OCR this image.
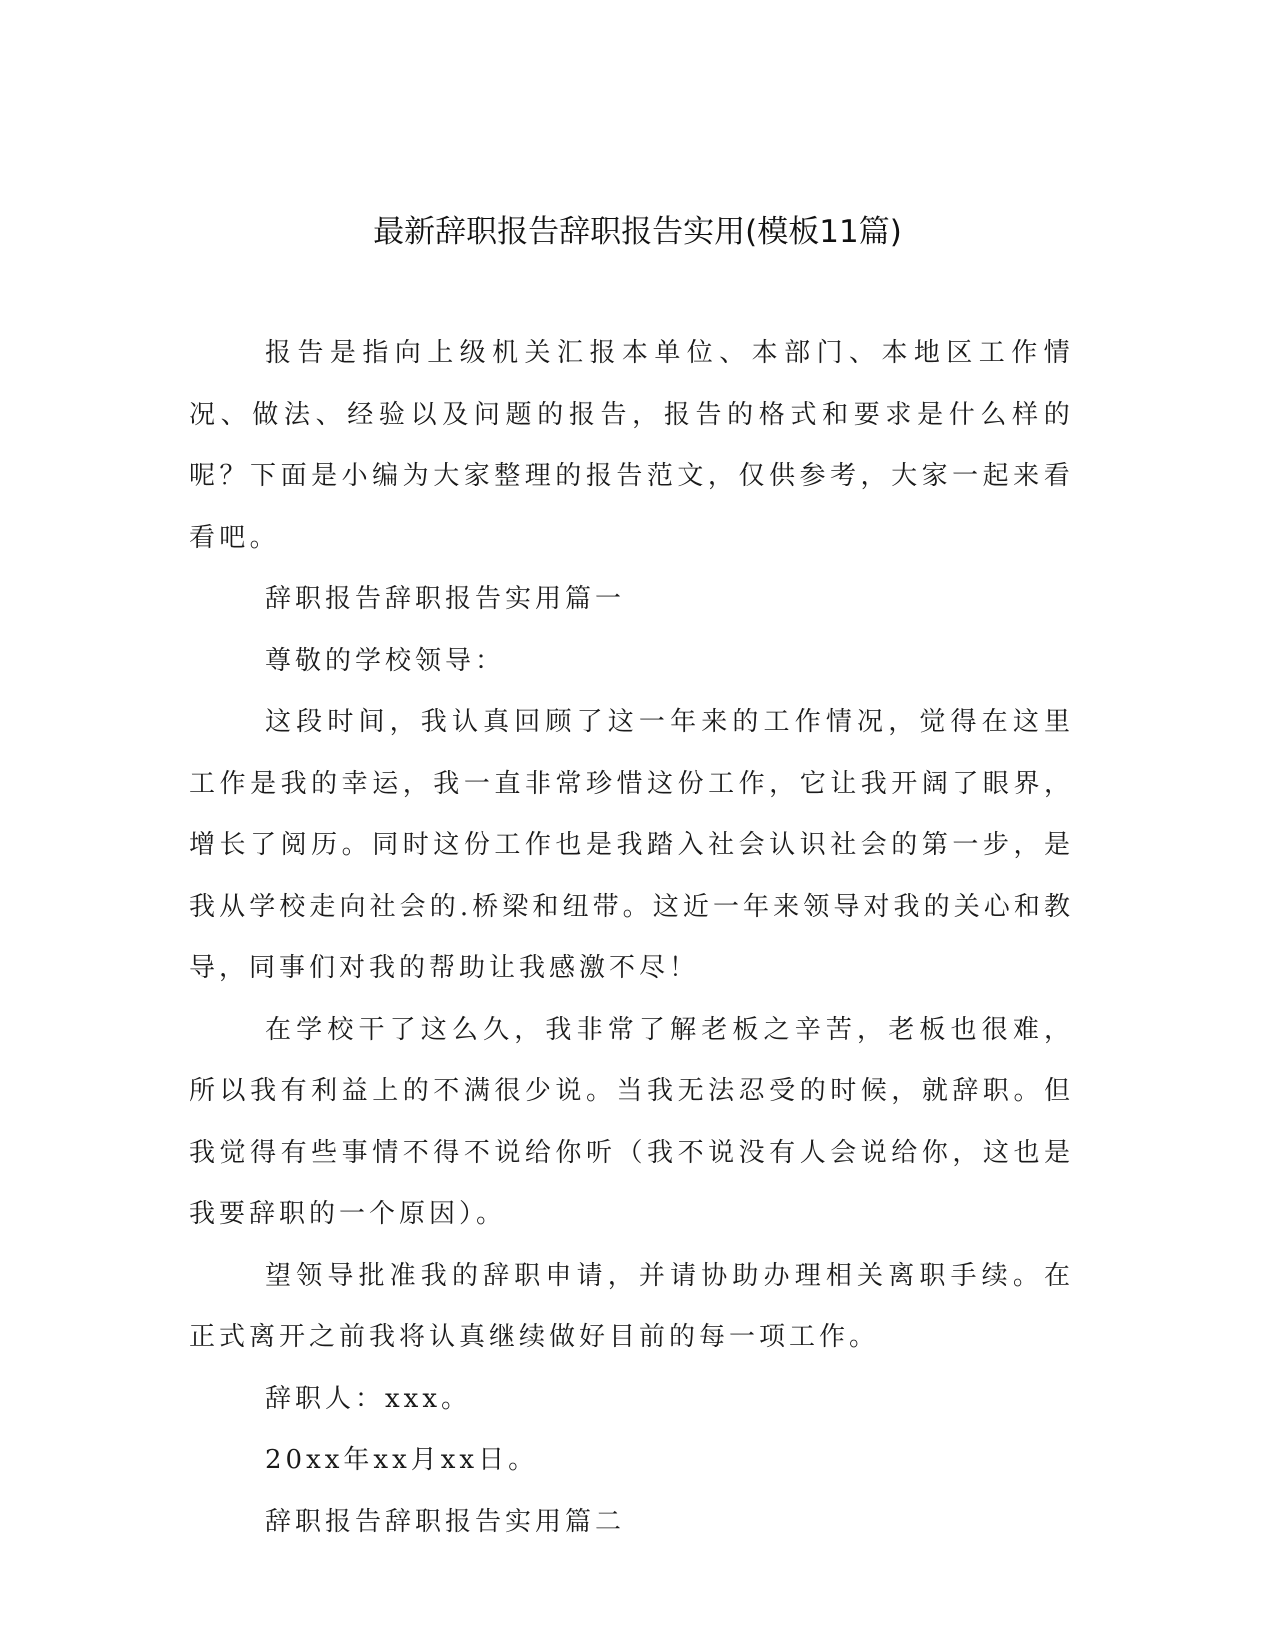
最新辞职报告辞职报告实用(模板11篇)

报告是指向上级机关汇报本单位、本部门、本地区工作情况、做法、经验以及问题的报告，报告的格式和要求是什么样的呢？下面是小编为大家整理的报告范文，仅供参考，大家一起来看看吧。

辞职报告辞职报告实用篇一

尊敬的学校领导：

这段时间，我认真回顾了这一年来的工作情况，觉得在这里工作是我的幸运，我一直非常珍惜这份工作，它让我开阔了眼界，增长了阅历。同时这份工作也是我踏入社会认识社会的第一步，是我从学校走向社会的.桥梁和纽带。这近一年来领导对我的关心和教导，同事们对我的帮助让我感激不尽！

在学校干了这么久，我非常了解老板之辛苦，老板也很难，所以我有利益上的不满很少说。当我无法忍受的时候，就辞职。但我觉得有些事情不得不说给你听（我不说没有人会说给你，这也是我要辞职的一个原因）。

望领导批准我的辞职申请，并请协助办理相关离职手续。在正式离开之前我将认真继续做好目前的每一项工作。

辞职人：xxx。

20xx年xx月xx日。

辞职报告辞职报告实用篇二
